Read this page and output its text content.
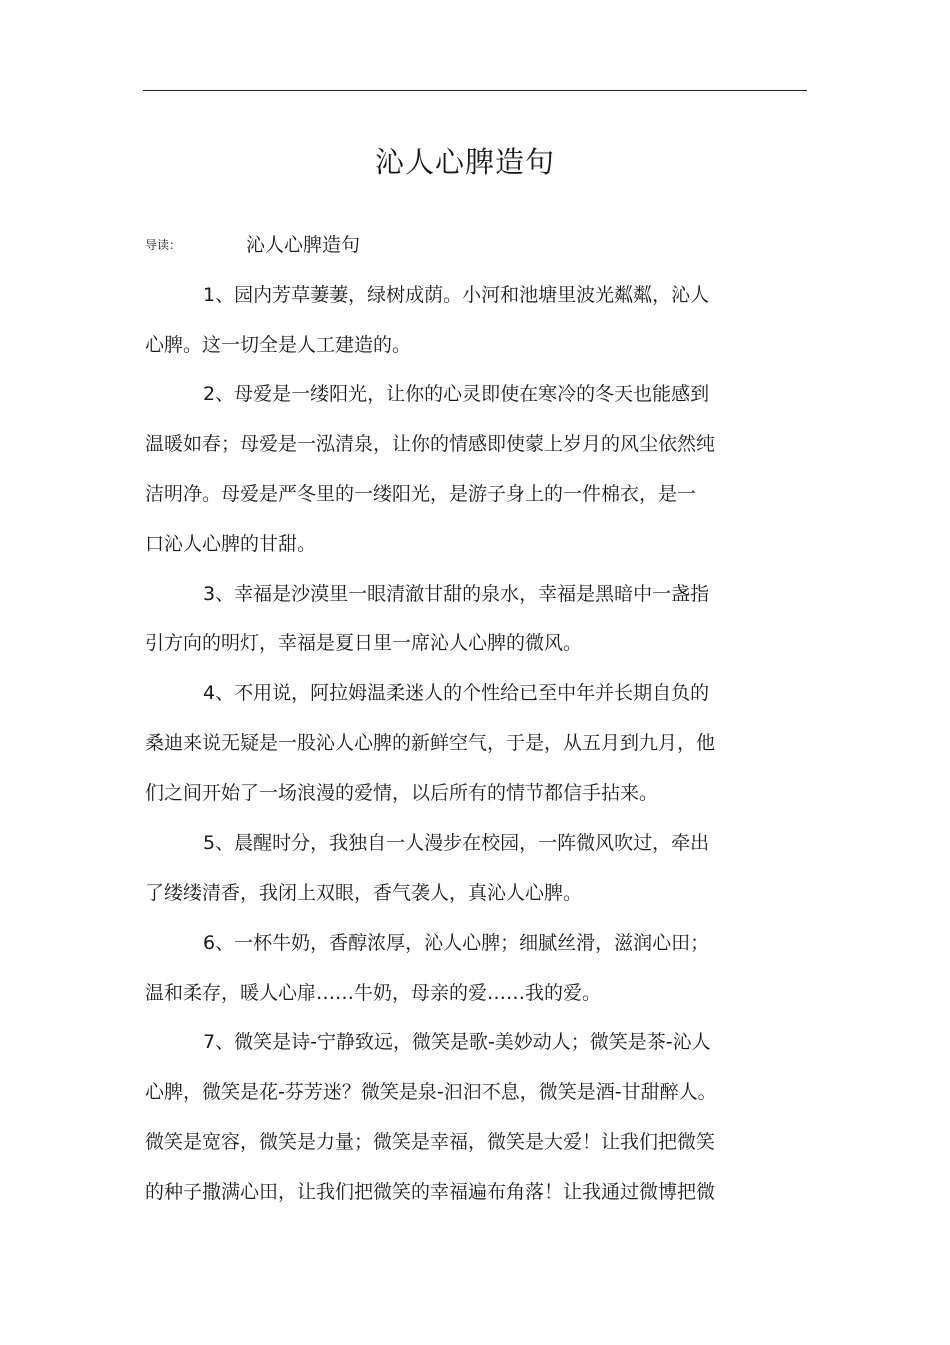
沁人心脾造句
导读：	沁人心脾造句
1、园内芳草萋萋，绿树成荫。小河和池塘里波光粼粼，沁人
心脾。这一切全是人工建造的。
2、母爱是一缕阳光，让你的心灵即使在寒冷的冬天也能感到
温暖如春；母爱是一泓清泉，让你的情感即使蒙上岁月的风尘依然纯
洁明净。母爱是严冬里的一缕阳光，是游子身上的一件棉衣，是一
口沁人心脾的甘甜。
3、幸福是沙漠里一眼清澈甘甜的泉水，幸福是黑暗中一盏指
引方向的明灯，幸福是夏日里一席沁人心脾的微风。
4、不用说，阿拉姆温柔迷人的个性给已至中年并长期自负的
桑迪来说无疑是一股沁人心脾的新鲜空气，于是，从五月到九月，他
们之间开始了一场浪漫的爱情，以后所有的情节都信手拈来。
5、晨醒时分，我独自一人漫步在校园，一阵微风吹过，牵出
了缕缕清香，我闭上双眼，香气袭人，真沁人心脾。
6、一杯牛奶，香醇浓厚，沁人心脾；细腻丝滑，滋润心田；
温和柔存，暖人心扉……牛奶，母亲的爱……我的爱。
7、微笑是诗-宁静致远，微笑是歌-美妙动人；微笑是茶-沁人
心脾，微笑是花-芬芳迷？微笑是泉-汩汩不息，微笑是酒-甘甜醉人。
微笑是宽容，微笑是力量；微笑是幸福，微笑是大爱！让我们把微笑
的种子撒满心田，让我们把微笑的幸福遍布角落！让我通过微博把微
